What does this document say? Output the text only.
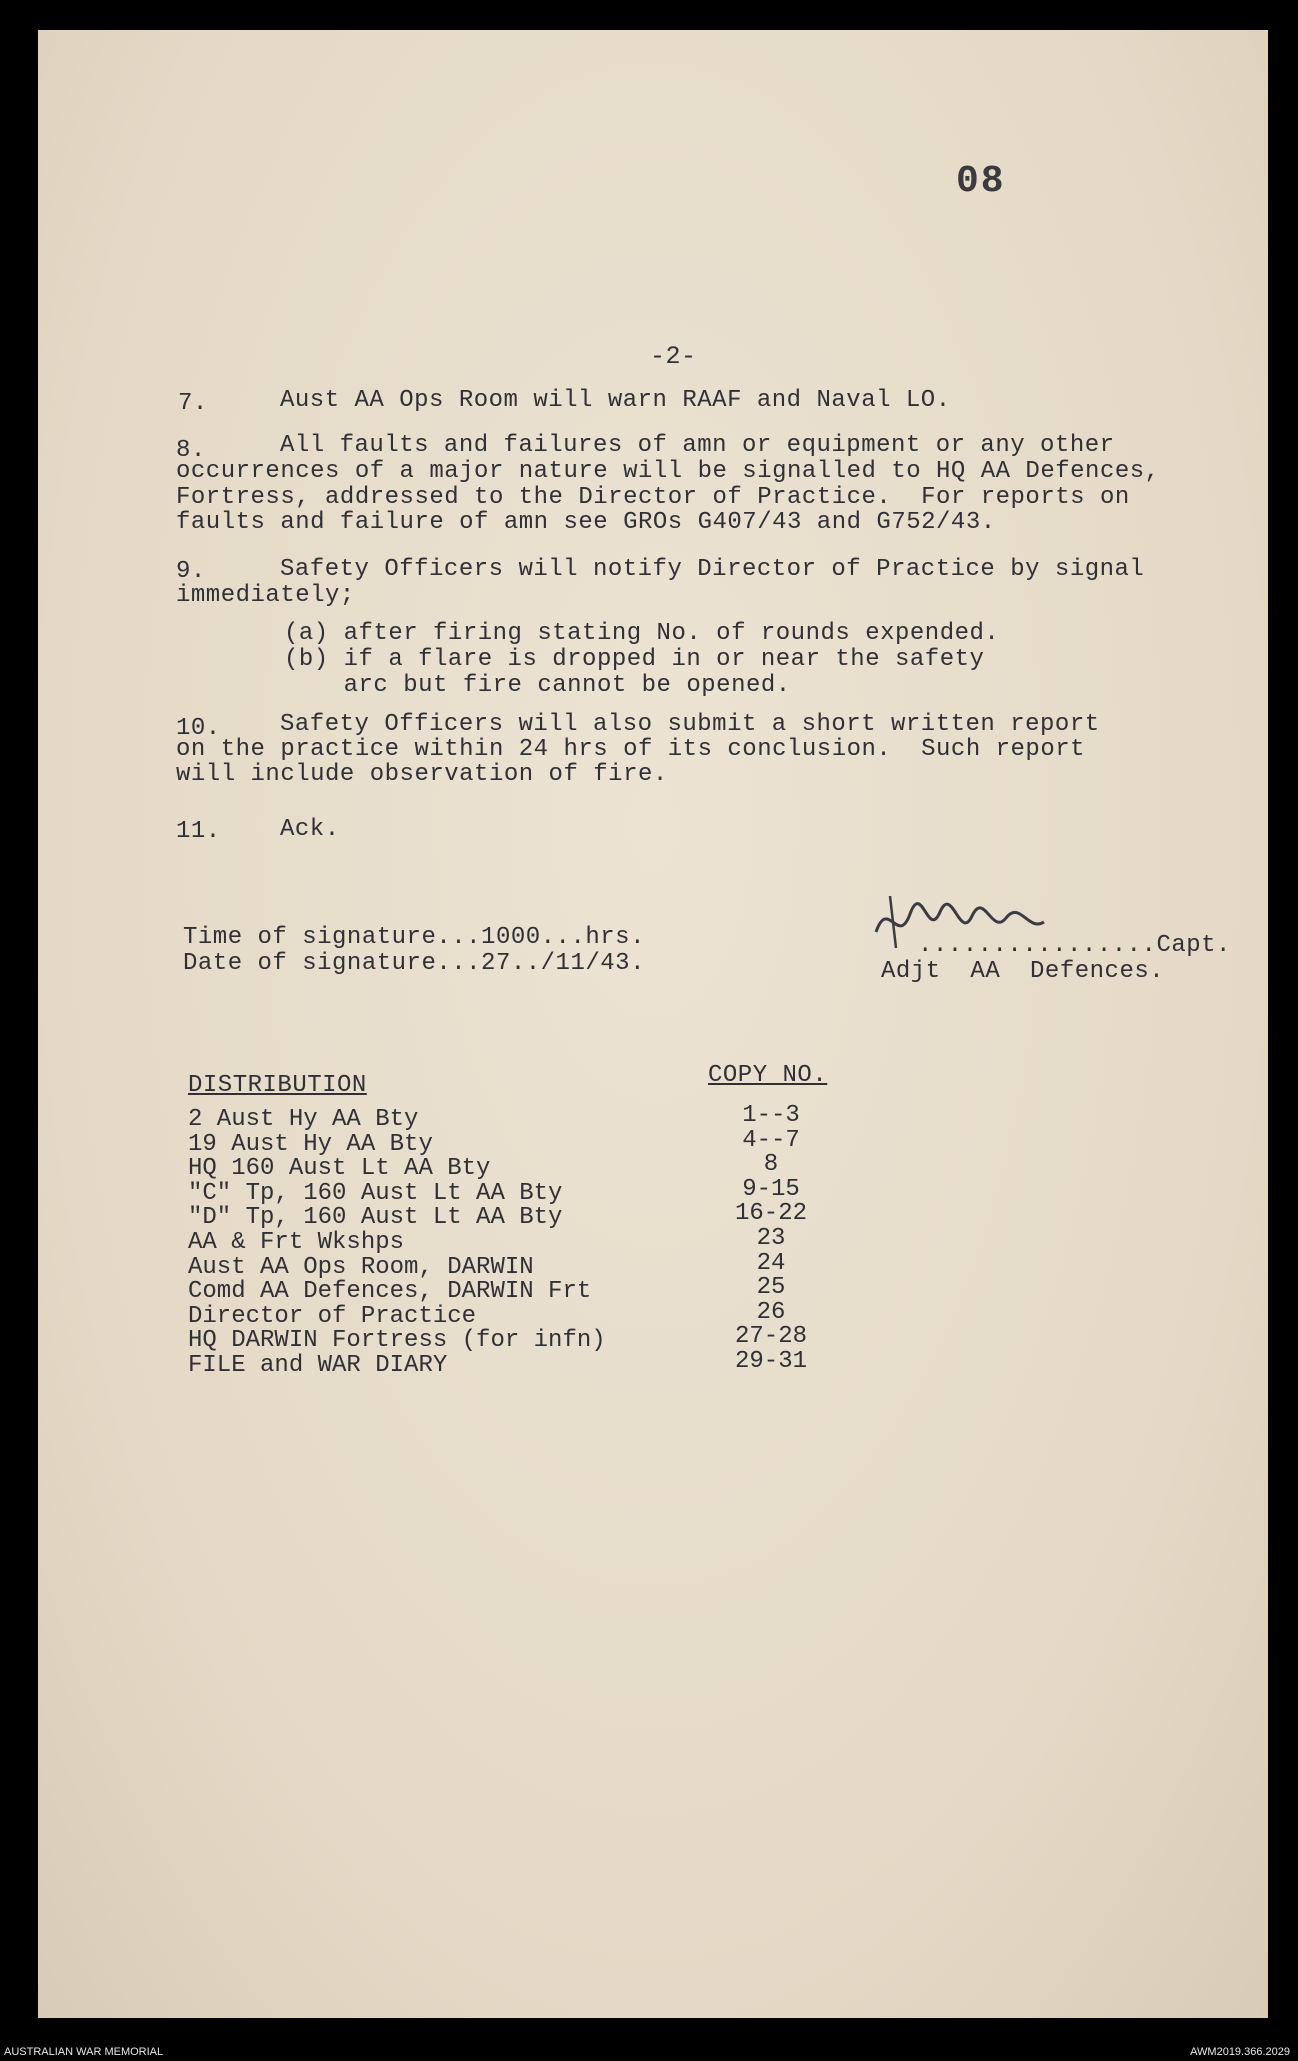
08
-2-
7.	Aust AA Ops Room will warn RAAF and Naval LO.
8.	All faults and failures of amn or equipment or any other
occurrences of a major nature will be signalled to HQ AA Defences,
Fortress, addressed to the Director of Practice.  For reports on
faults and failure of amn see GROs G407/43 and G752/43.
9.	Safety Officers will notify Director of Practice by signal
immediately;
(a) after firing stating No. of rounds expended.
(b) if a flare is dropped in or near the safety
arc but fire cannot be opened.
10. Safety Officers will also submit a short written report
on the practice within 24 hrs of its conclusion.  Such report
will include observation of fire.
11. Ack.
Time of signature...1000...hrs.
Date of signature...27../11/43.
................Capt.
Adjt  AA  Defences.
DISTRIBUTION	COPY NO.
2 Aust Hy AA Bty	1--3
19 Aust Hy AA Bty	4--7
HQ 160 Aust Lt AA Bty	8
"C" Tp, 160 Aust Lt AA Bty	9-15
"D" Tp, 160 Aust Lt AA Bty	16-22
AA & Frt Wkshps	23
Aust AA Ops Room, DARWIN	24
Comd AA Defences, DARWIN Frt	25
Director of Practice	26
HQ DARWIN Fortress (for infn)	27-28
FILE and WAR DIARY	29-31
AUSTRALIAN WAR MEMORIAL	AWM2019.366.2029
